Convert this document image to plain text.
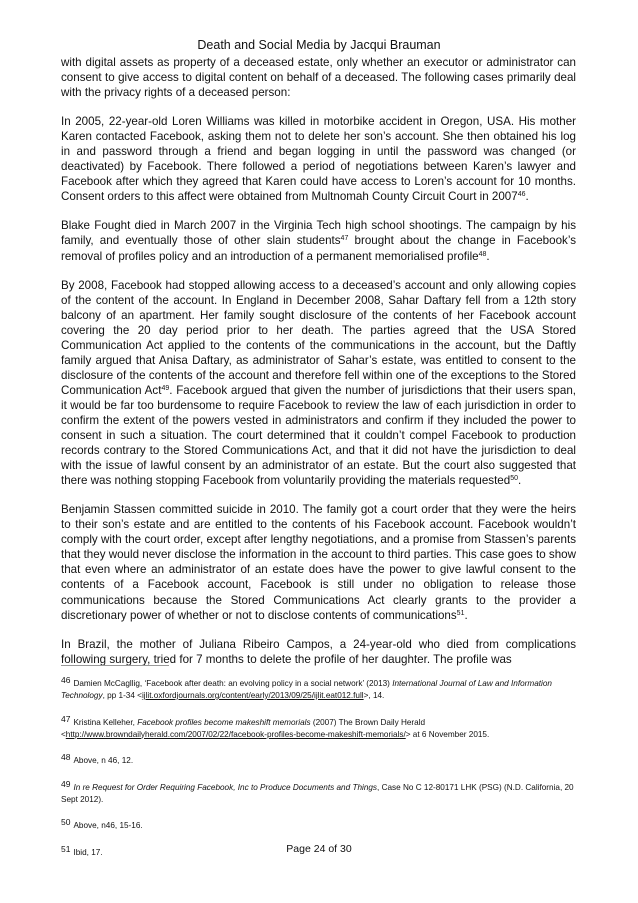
Death and Social Media by Jacqui Brauman

with digital assets as property of a deceased estate, only whether an executor or administrator can consent to give access to digital content on behalf of a deceased. The following cases primarily deal with the privacy rights of a deceased person:

In 2005, 22-year-old Loren Williams was killed in motorbike accident in Oregon, USA. His mother Karen contacted Facebook, asking them not to delete her son’s account. She then obtained his log in and password through a friend and began logging in until the password was changed (or deactivated) by Facebook. There followed a period of negotiations between Karen’s lawyer and Facebook after which they agreed that Karen could have access to Loren’s account for 10 months. Consent orders to this affect were obtained from Multnomah County Circuit Court in 2007$^{46}$.

Blake Fought died in March 2007 in the Virginia Tech high school shootings. The campaign by his family, and eventually those of other slain students$^{47}$ brought about the change in Facebook’s removal of profiles policy and an introduction of a permanent memorialised profile$^{48}$.

By 2008, Facebook had stopped allowing access to a deceased’s account and only allowing copies of the content of the account. In England in December 2008, Sahar Daftary fell from a 12th story balcony of an apartment. Her family sought disclosure of the contents of her Facebook account covering the 20 day period prior to her death. The parties agreed that the USA Stored Communication Act applied to the contents of the communications in the account, but the Daftly family argued that Anisa Daftary, as administrator of Sahar’s estate, was entitled to consent to the disclosure of the contents of the account and therefore fell within one of the exceptions to the Stored Communication Act$^{49}$. Facebook argued that given the number of jurisdictions that their users span, it would be far too burdensome to require Facebook to review the law of each jurisdiction in order to confirm the extent of the powers vested in administrators and confirm if they included the power to consent in such a situation. The court determined that it couldn’t compel Facebook to production records contrary to the Stored Communications Act, and that it did not have the jurisdiction to deal with the issue of lawful consent by an administrator of an estate. But the court also suggested that there was nothing stopping Facebook from voluntarily providing the materials requested$^{50}$.

Benjamin Stassen committed suicide in 2010. The family got a court order that they were the heirs to their son’s estate and are entitled to the contents of his Facebook account. Facebook wouldn’t comply with the court order, except after lengthy negotiations, and a promise from Stassen’s parents that they would never disclose the information in the account to third parties. This case goes to show that even where an administrator of an estate does have the power to give lawful consent to the contents of a Facebook account, Facebook is still under no obligation to release those communications because the Stored Communications Act clearly grants to the provider a discretionary power of whether or not to disclose contents of communications$^{51}$.

In Brazil, the mother of Juliana Ribeiro Campos, a 24-year-old who died from complications following surgery, tried for 7 months to delete the profile of her daughter. The profile was

46 Damien McCagllig, ‘Facebook after death: an evolving policy in a social network’ (2013) International Journal of Law and Information Technology, pp 1-34 <ijlit.oxfordjournals.org/content/early/2013/09/25/ijlit.eat012.full>, 14.
47 Kristina Kelleher, Facebook profiles become makeshift memorials (2007) The Brown Daily Herald <http://www.browndailyherald.com/2007/02/22/facebook-profiles-become-makeshift-memorials/> at 6 November 2015.
48 Above, n 46, 12.
49 In re Request for Order Requiring Facebook, Inc to Produce Documents and Things, Case No C 12-80171 LHK (PSG) (N.D. California, 20 Sept 2012).
50 Above, n46, 15-16.
51 Ibid, 17.	Page 24 of 30
